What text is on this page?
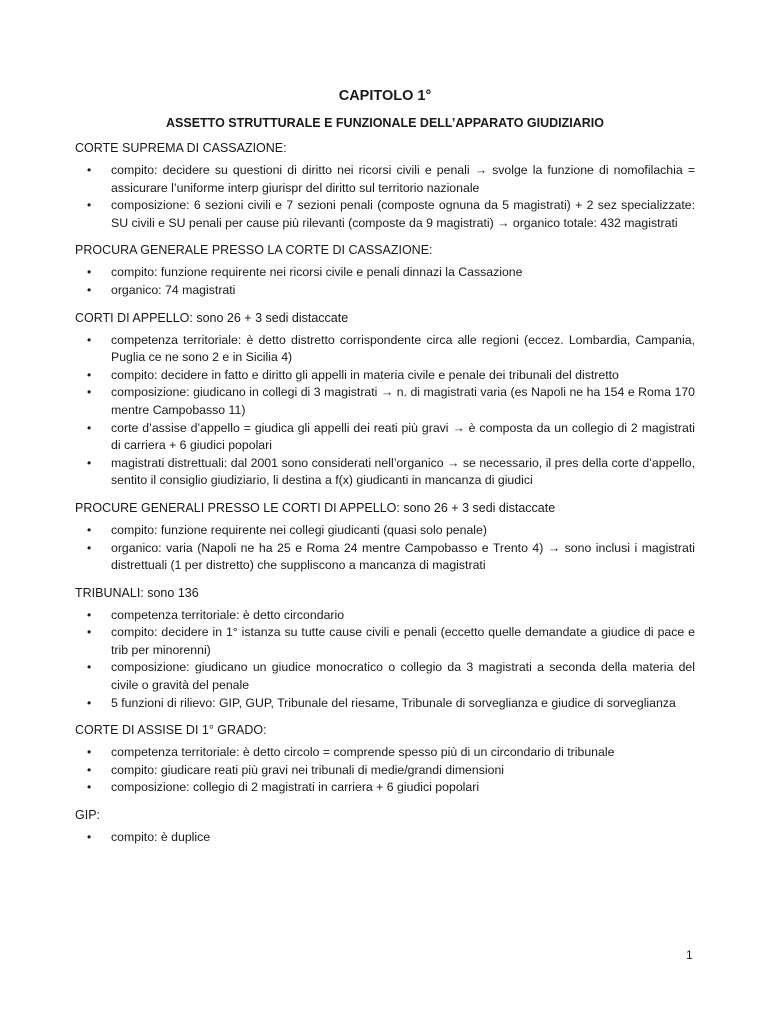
CAPITOLO 1°
ASSETTO STRUTTURALE E FUNZIONALE DELL’APPARATO GIUDIZIARIO
CORTE SUPREMA DI CASSAZIONE:
• compito: decidere su questioni di diritto nei ricorsi civili e penali → svolge la funzione di nomofilachia = assicurare l’uniforme interp giurispr del diritto sul territorio nazionale
• composizione: 6 sezioni civili e 7 sezioni penali (composte ognuna da 5 magistrati) + 2 sez specializzate: SU civili e SU penali per cause più rilevanti (composte da 9 magistrati) → organico totale: 432 magistrati
PROCURA GENERALE PRESSO LA CORTE DI CASSAZIONE:
• compito: funzione requirente nei ricorsi civile e penali dinnazi la Cassazione
• organico: 74 magistrati
CORTI DI APPELLO: sono 26 + 3 sedi distaccate
• competenza territoriale: è detto distretto corrispondente circa alle regioni (eccez. Lombardia, Campania, Puglia ce ne sono 2 e in Sicilia 4)
• compito: decidere in fatto e diritto gli appelli in materia civile e penale dei tribunali del distretto
• composizione: giudicano in collegi di 3 magistrati → n. di magistrati varia (es Napoli ne ha 154 e Roma 170 mentre Campobasso 11)
• corte d’assise d’appello = giudica gli appelli dei reati più gravi → è composta da un collegio di 2 magistrati di carriera + 6 giudici popolari
• magistrati distrettuali: dal 2001 sono considerati nell’organico → se necessario, il pres della corte d’appello, sentito il consiglio giudiziario, li destina a f(x) giudicanti in mancanza di giudici
PROCURE GENERALI PRESSO LE CORTI DI APPELLO: sono 26 + 3 sedi distaccate
• compito: funzione requirente nei collegi giudicanti (quasi solo penale)
• organico: varia (Napoli ne ha 25 e Roma 24 mentre Campobasso e Trento 4) → sono inclusi i magistrati distrettuali (1 per distretto) che suppliscono a mancanza di magistrati
TRIBUNALI: sono 136
• competenza territoriale: è detto circondario
• compito: decidere in 1° istanza su tutte cause civili e penali (eccetto quelle demandate a giudice di pace e trib per minorenni)
• composizione: giudicano un giudice monocratico o collegio da 3 magistrati a seconda della materia del civile o gravità del penale
• 5 funzioni di rilievo: GIP, GUP, Tribunale del riesame, Tribunale di sorveglianza e giudice di sorveglianza
CORTE DI ASSISE DI 1° GRADO:
• competenza territoriale: è detto circolo = comprende spesso più di un circondario di tribunale
• compito: giudicare reati più gravi nei tribunali di medie/grandi dimensioni
• composizione: collegio di 2 magistrati in carriera + 6 giudici popolari
GIP:
• compito: è duplice
1
